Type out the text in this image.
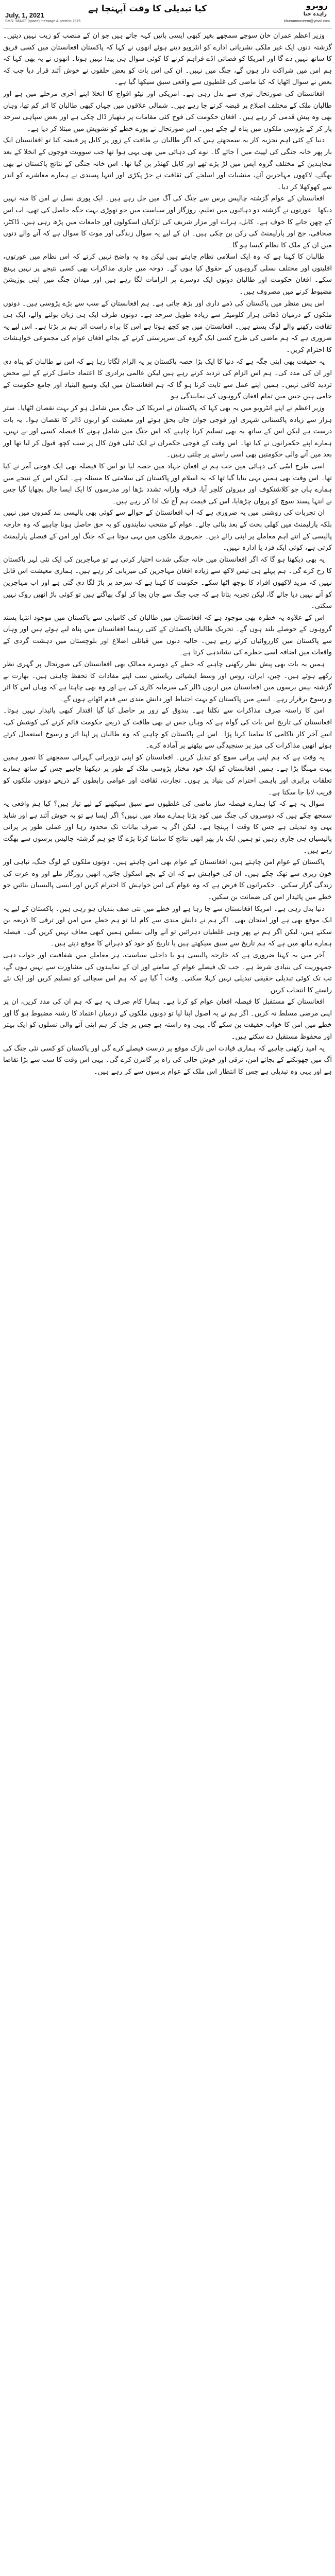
July, 1, 2021
SMS: "MAIC" (space) message & send to 7575
کیا تبدیلی کا وقت آپہنچا ہے	روبرو
زاہدہ حنا
khurramnaseem@ymail.com

وزیر اعظم عمران خان سوچے سمجھے بغیر کبھی ایسی باتیں کہہ جاتے ہیں جو ان کے منصب کو زیب نہیں دیتیں۔ گزشتہ دنوں ایک غیر ملکی نشریاتی ادارے کو انٹرویو دیتے ہوئے انھوں نے کہا کہ پاکستان افغانستان میں کسی فریق کا ساتھ نہیں دے گا اور امریکا کو فضائی اڈے فراہم کرنے کا کوئی سوال ہی پیدا نہیں ہوتا۔ انھوں نے یہ بھی کہا کہ ہم امن میں شراکت دار ہوں گے، جنگ میں نہیں۔ ان کی اس بات کو بعض حلقوں نے خوش آئند قرار دیا جب کہ بعض نے سوال اٹھایا کہ کیا ماضی کی غلطیوں سے واقعی سبق سیکھا گیا ہے۔

افغانستان کی صورتحال تیزی سے بدل رہی ہے۔ امریکی اور نیٹو افواج کا انخلا اپنے آخری مرحلے میں ہے اور طالبان ملک کے مختلف اضلاع پر قبضہ کرتے جا رہے ہیں۔ شمالی علاقوں میں جہاں کبھی طالبان کا اثر کم تھا، وہاں بھی وہ پیش قدمی کر رہے ہیں۔ افغان حکومت کی فوج کئی مقامات پر ہتھیار ڈال چکی ہے اور بعض سپاہی سرحد پار کر کے پڑوسی ملکوں میں پناہ لے چکے ہیں۔ اس صورتحال نے پورے خطے کو تشویش میں مبتلا کر دیا ہے۔

دنیا کے کئی اہم تجزیہ کار یہ سمجھتے ہیں کہ اگر طالبان نے طاقت کے زور پر کابل پر قبضہ کیا تو افغانستان ایک بار پھر خانہ جنگی کی لپیٹ میں آ جائے گا۔ نوے کی دہائی میں بھی یہی ہوا تھا جب سوویت فوجوں کے انخلا کے بعد مجاہدین کے مختلف گروہ آپس میں لڑ پڑے تھے اور کابل کھنڈر بن گیا تھا۔ اس خانہ جنگی کے نتائج پاکستان نے بھی بھگتے، لاکھوں مہاجرین آئے، منشیات اور اسلحے کی ثقافت نے جڑ پکڑی اور انتہا پسندی نے ہمارے معاشرے کو اندر سے کھوکھلا کر دیا۔

افغانستان کے عوام گزشتہ چالیس برس سے جنگ کی آگ میں جل رہے ہیں۔ ایک پوری نسل نے امن کا منہ نہیں دیکھا۔ عورتوں نے گزشتہ دو دہائیوں میں تعلیم، روزگار اور سیاست میں جو تھوڑی بہت جگہ حاصل کی تھی، اب اس کے چھن جانے کا خوف ہے۔ کابل، ہرات اور مزار شریف کی لڑکیاں اسکولوں اور جامعات میں پڑھ رہی ہیں، ڈاکٹر، صحافی، جج اور پارلیمنٹ کی رکن بن چکی ہیں۔ ان کے لیے یہ سوال زندگی اور موت کا سوال ہے کہ آنے والے دنوں میں ان کے ملک کا نظام کیسا ہو گا۔

طالبان کا کہنا ہے کہ وہ ایک اسلامی نظام چاہتے ہیں لیکن وہ یہ واضح نہیں کرتے کہ اس نظام میں عورتوں، اقلیتوں اور مختلف نسلی گروہوں کے حقوق کیا ہوں گے۔ دوحہ میں جاری مذاکرات بھی کسی نتیجے پر نہیں پہنچ سکے۔ افغان حکومت اور طالبان دونوں ایک دوسرے پر الزامات لگا رہے ہیں اور میدان جنگ میں اپنی پوزیشن مضبوط کرنے میں مصروف ہیں۔

اس پس منظر میں پاکستان کی ذمے داری اور بڑھ جاتی ہے۔ ہم افغانستان کے سب سے بڑے پڑوسی ہیں۔ دونوں ملکوں کے درمیان ڈھائی ہزار کلومیٹر سے زیادہ طویل سرحد ہے۔ دونوں طرف ایک ہی زبان بولنے والے، ایک ہی ثقافت رکھنے والے لوگ بستے ہیں۔ افغانستان میں جو کچھ ہوتا ہے اس کا براہ راست اثر ہم پر پڑتا ہے۔ اس لیے یہ ضروری ہے کہ ہم ماضی کی طرح کسی ایک گروہ کی سرپرستی کرنے کے بجائے افغان عوام کی مجموعی خواہشات کا احترام کریں۔

یہ حقیقت بھی اپنی جگہ ہے کہ دنیا کا ایک بڑا حصہ پاکستان پر یہ الزام لگاتا رہا ہے کہ اس نے طالبان کو پناہ دی اور ان کی مدد کی۔ ہم اس الزام کی تردید کرتے رہے ہیں لیکن عالمی برادری کا اعتماد حاصل کرنے کے لیے محض تردید کافی نہیں۔ ہمیں اپنے عمل سے ثابت کرنا ہو گا کہ ہم افغانستان میں ایک وسیع البنیاد اور جامع حکومت کے حامی ہیں جس میں تمام افغان گروہوں کی نمایندگی ہو۔

وزیر اعظم نے اپنے انٹرویو میں یہ بھی کہا کہ پاکستان نے امریکا کی جنگ میں شامل ہو کر بہت نقصان اٹھایا۔ ستر ہزار سے زیادہ پاکستانی شہری اور فوجی جوان جاں بحق ہوئے اور معیشت کو اربوں ڈالر کا نقصان ہوا۔ یہ بات درست ہے لیکن اس کے ساتھ یہ بھی تسلیم کرنا چاہیے کہ اس جنگ میں شامل ہونے کا فیصلہ کسی اور نے نہیں، ہمارے اپنے حکمرانوں نے کیا تھا۔ اس وقت کے فوجی حکمراں نے ایک ٹیلی فون کال پر سب کچھ قبول کر لیا تھا اور بعد میں آنے والی حکومتیں بھی اسی راستے پر چلتی رہیں۔

اسی طرح اسّی کی دہائی میں جب ہم نے افغان جہاد میں حصہ لیا تو اس کا فیصلہ بھی ایک فوجی آمر نے کیا تھا۔ اس وقت بھی ہمیں یہی بتایا گیا تھا کہ یہ اسلام اور پاکستان کی سلامتی کا مسئلہ ہے۔ لیکن اس کے نتیجے میں ہمارے ہاں جو کلاشنکوف اور ہیروئن کلچر آیا، فرقہ وارانہ تشدد بڑھا اور مدرسوں کا ایک ایسا جال بچھایا گیا جس نے انتہا پسند سوچ کو پروان چڑھایا، اس کی قیمت ہم آج تک ادا کر رہے ہیں۔

ان تجربات کی روشنی میں یہ ضروری ہے کہ اب افغانستان کے حوالے سے کوئی بھی پالیسی بند کمروں میں نہیں بلکہ پارلیمنٹ میں کھلی بحث کے بعد بنائی جائے۔ عوام کے منتخب نمایندوں کو یہ حق حاصل ہونا چاہیے کہ وہ خارجہ پالیسی کے اتنے اہم معاملے پر اپنی رائے دیں۔ جمہوری ملکوں میں یہی ہوتا ہے کہ جنگ اور امن کے فیصلے پارلیمنٹ کرتی ہے، کوئی ایک فرد یا ادارہ نہیں۔

یہ بھی دیکھنا ہو گا کہ اگر افغانستان میں خانہ جنگی شدت اختیار کرتی ہے تو مہاجرین کی ایک نئی لہر پاکستان کا رخ کرے گی۔ ہم پہلے ہی تیس لاکھ سے زیادہ افغان مہاجرین کی میزبانی کر رہے ہیں۔ ہماری معیشت اس قابل نہیں کہ مزید لاکھوں افراد کا بوجھ اٹھا سکے۔ حکومت کا کہنا ہے کہ سرحد پر باڑ لگا دی گئی ہے اور اب مہاجرین کو آنے نہیں دیا جائے گا، لیکن تجربہ بتاتا ہے کہ جب جنگ سے جان بچا کر لوگ بھاگتے ہیں تو کوئی باڑ انھیں روک نہیں سکتی۔

اس کے علاوہ یہ خطرہ بھی موجود ہے کہ افغانستان میں طالبان کی کامیابی سے پاکستان میں موجود انتہا پسند گروہوں کے حوصلے بلند ہوں گے۔ تحریک طالبان پاکستان کے کئی رہنما افغانستان میں پناہ لیے ہوئے ہیں اور وہاں سے پاکستان میں کارروائیاں کرتے رہے ہیں۔ حالیہ دنوں میں قبائلی اضلاع اور بلوچستان میں دہشت گردی کے واقعات میں اضافہ اسی خطرے کی نشاندہی کرتا ہے۔

ہمیں یہ بات بھی پیش نظر رکھنی چاہیے کہ خطے کے دوسرے ممالک بھی افغانستان کی صورتحال پر گہری نظر رکھے ہوئے ہیں۔ چین، ایران، روس اور وسط ایشیائی ریاستیں سب اپنے مفادات کا تحفظ چاہتی ہیں۔ بھارت نے گزشتہ بیس برسوں میں افغانستان میں اربوں ڈالر کی سرمایہ کاری کی ہے اور وہ بھی چاہتا ہے کہ وہاں اس کا اثر و رسوخ برقرار رہے۔ ایسے میں پاکستان کو بہت احتیاط اور دانش مندی سے قدم اٹھانے ہوں گے۔

امن کا راستہ صرف مذاکرات سے نکلتا ہے۔ بندوق کے زور پر حاصل کیا گیا اقتدار کبھی پائیدار نہیں ہوتا۔ افغانستان کی تاریخ اس بات کی گواہ ہے کہ وہاں جس نے بھی طاقت کے ذریعے حکومت قائم کرنے کی کوشش کی، اسے آخر کار ناکامی کا سامنا کرنا پڑا۔ اس لیے پاکستان کو چاہیے کہ وہ طالبان پر اپنا اثر و رسوخ استعمال کرتے ہوئے انھیں مذاکرات کی میز پر سنجیدگی سے بیٹھنے پر آمادہ کرے۔

یہ وقت ہے کہ ہم اپنی پرانی سوچ کو تبدیل کریں۔ افغانستان کو اپنی تزویراتی گہرائی سمجھنے کا تصور ہمیں بہت مہنگا پڑا ہے۔ ہمیں افغانستان کو ایک خود مختار پڑوسی ملک کے طور پر دیکھنا چاہیے جس کے ساتھ ہمارے تعلقات برابری اور باہمی احترام کی بنیاد پر ہوں۔ تجارت، ثقافت اور عوامی رابطوں کے ذریعے دونوں ملکوں کو قریب لایا جا سکتا ہے۔

سوال یہ ہے کہ کیا ہمارے فیصلہ ساز ماضی کی غلطیوں سے سبق سیکھنے کے لیے تیار ہیں؟ کیا ہم واقعی یہ سمجھ چکے ہیں کہ دوسروں کی جنگ میں کود پڑنا ہمارے مفاد میں نہیں؟ اگر ایسا ہے تو یہ خوش آئند ہے اور شاید یہی وہ تبدیلی ہے جس کا وقت آ پہنچا ہے۔ لیکن اگر یہ صرف بیانات تک محدود رہا اور عملی طور پر پرانی پالیسیاں ہی جاری رہیں تو ہمیں ایک بار پھر انھی نتائج کا سامنا کرنا پڑے گا جو ہم گزشتہ چالیس برسوں سے بھگت رہے ہیں۔

پاکستان کے عوام امن چاہتے ہیں، افغانستان کے عوام بھی امن چاہتے ہیں۔ دونوں ملکوں کے لوگ جنگ، تباہی اور خون ریزی سے تھک چکے ہیں۔ ان کی خواہش ہے کہ ان کے بچے اسکول جائیں، انھیں روزگار ملے اور وہ عزت کی زندگی گزار سکیں۔ حکمرانوں کا فرض ہے کہ وہ عوام کی اس خواہش کا احترام کریں اور ایسی پالیسیاں بنائیں جو خطے میں پائیدار امن کی ضمانت بن سکیں۔

دنیا بدل رہی ہے۔ امریکا افغانستان سے جا رہا ہے اور خطے میں نئی صف بندیاں ہو رہی ہیں۔ پاکستان کے لیے یہ ایک موقع بھی ہے اور امتحان بھی۔ اگر ہم نے دانش مندی سے کام لیا تو ہم خطے میں امن اور ترقی کا ذریعہ بن سکتے ہیں، لیکن اگر ہم نے پھر وہی غلطیاں دہرائیں تو آنے والی نسلیں ہمیں کبھی معاف نہیں کریں گی۔ فیصلہ ہمارے ہاتھ میں ہے کہ ہم تاریخ سے سبق سیکھتے ہیں یا تاریخ کو خود کو دہرانے کا موقع دیتے ہیں۔

آخر میں یہ کہنا ضروری ہے کہ خارجہ پالیسی ہو یا داخلی سیاست، ہر معاملے میں شفافیت اور جواب دہی جمہوریت کی بنیادی شرط ہے۔ جب تک فیصلے عوام کے سامنے اور ان کے نمایندوں کی مشاورت سے نہیں ہوں گے، تب تک کوئی تبدیلی حقیقی تبدیلی نہیں کہلا سکتی۔ وقت آ گیا ہے کہ ہم اس سچائی کو تسلیم کریں اور ایک نئے راستے کا انتخاب کریں۔

افغانستان کے مستقبل کا فیصلہ افغان عوام کو کرنا ہے۔ ہمارا کام صرف یہ ہے کہ ہم ان کی مدد کریں، ان پر اپنی مرضی مسلط نہ کریں۔ اگر ہم نے یہ اصول اپنا لیا تو دونوں ملکوں کے درمیان اعتماد کا رشتہ مضبوط ہو گا اور خطے میں امن کا خواب حقیقت بن سکے گا۔ یہی وہ راستہ ہے جس پر چل کر ہم اپنی آنے والی نسلوں کو ایک بہتر اور محفوظ مستقبل دے سکتے ہیں۔

یہ امید رکھنی چاہیے کہ ہماری قیادت اس نازک موقع پر درست فیصلے کرے گی اور پاکستان کو کسی نئی جنگ کی آگ میں جھونکنے کے بجائے امن، ترقی اور خوش حالی کی راہ پر گامزن کرے گی۔ یہی اس وقت کا سب سے بڑا تقاضا ہے اور یہی وہ تبدیلی ہے جس کا انتظار اس ملک کے عوام برسوں سے کر رہے ہیں۔
